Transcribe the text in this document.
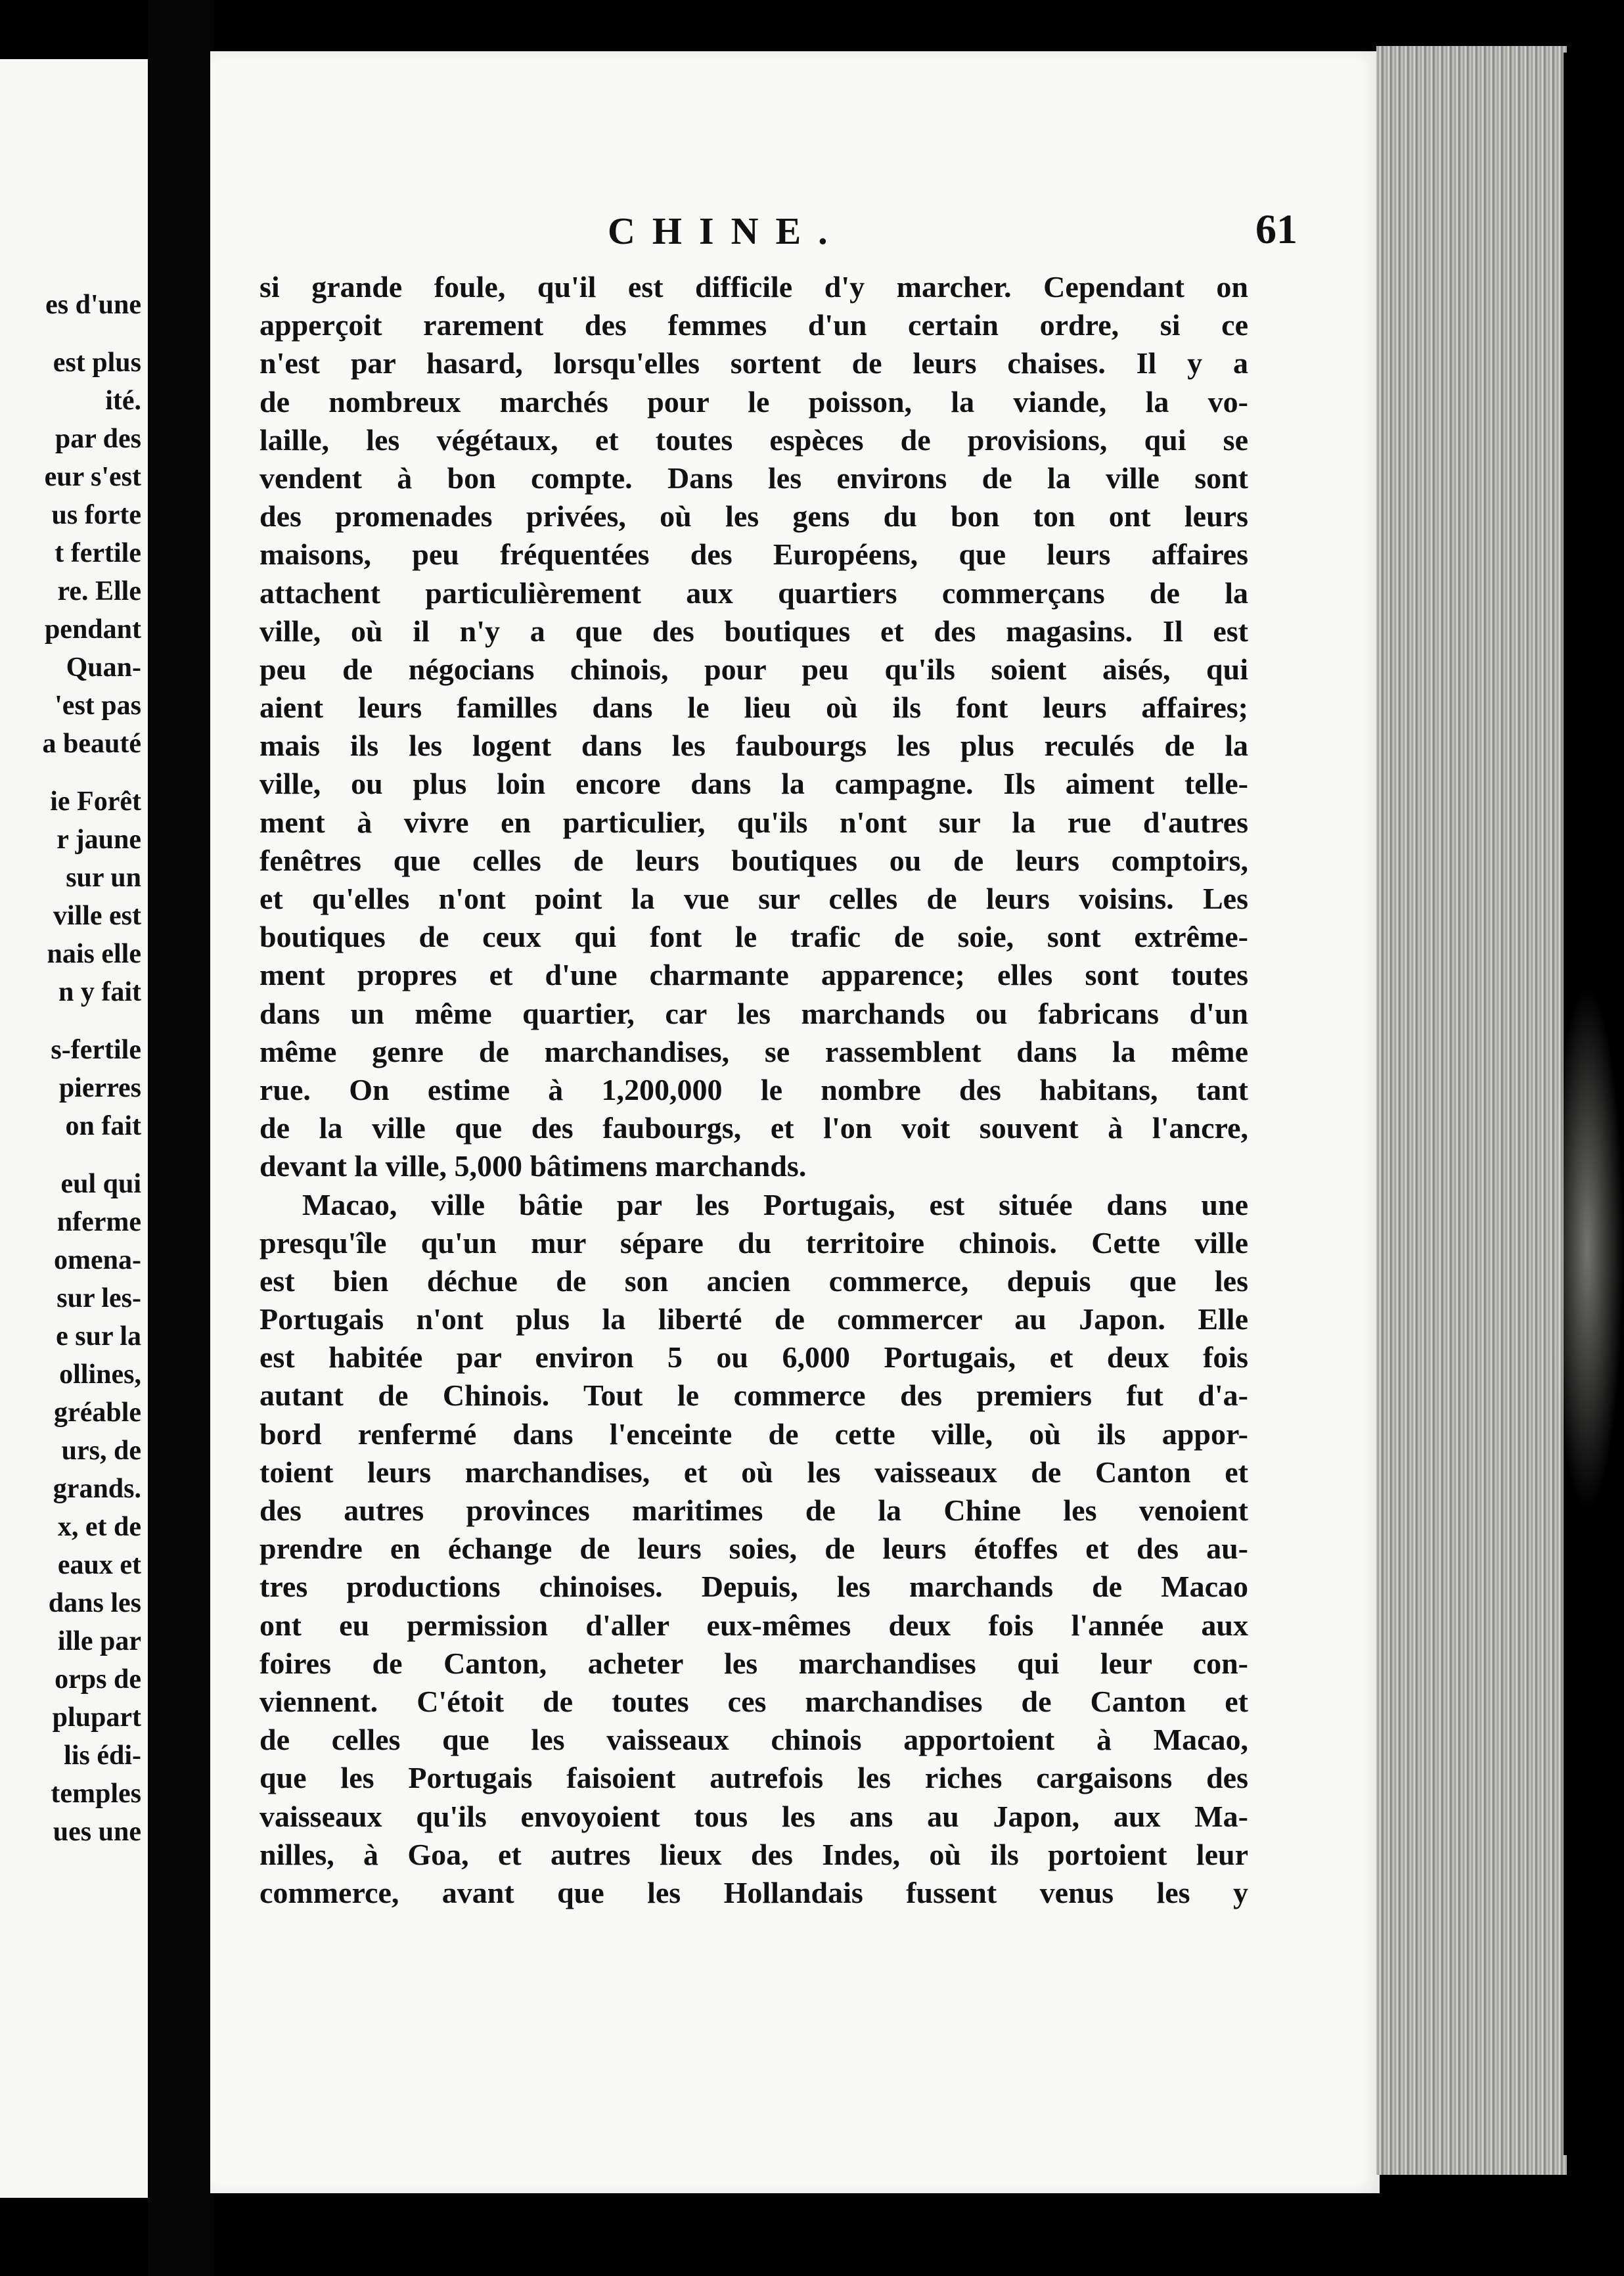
es d'une
est plus
ité.
par des
eur s'est
us forte
t fertile
re. Elle
pendant
Quan-
'est pas
a beauté
ie Forêt
r jaune
sur un
ville est
nais elle
n y fait
s-fertile
pierres
on fait
eul qui
nferme
omena-
sur les-
e sur la
ollines,
gréable
urs, de
grands.
x, et de
eaux et
dans les
ille par
orps de
plupart
lis édi-
temples
ues une
CHINE.	61
si grande foule, qu'il est difficile d'y marcher. Cependant on
apperçoit rarement des femmes d'un certain ordre, si ce
n'est par hasard, lorsqu'elles sortent de leurs chaises. Il y a
de nombreux marchés pour le poisson, la viande, la vo-
laille, les végétaux, et toutes espèces de provisions, qui se
vendent à bon compte. Dans les environs de la ville sont
des promenades privées, où les gens du bon ton ont leurs
maisons, peu fréquentées des Européens, que leurs affaires
attachent particulièrement aux quartiers commerçans de la
ville, où il n'y a que des boutiques et des magasins. Il est
peu de négocians chinois, pour peu qu'ils soient aisés, qui
aient leurs familles dans le lieu où ils font leurs affaires;
mais ils les logent dans les faubourgs les plus reculés de la
ville, ou plus loin encore dans la campagne. Ils aiment telle-
ment à vivre en particulier, qu'ils n'ont sur la rue d'autres
fenêtres que celles de leurs boutiques ou de leurs comptoirs,
et qu'elles n'ont point la vue sur celles de leurs voisins. Les
boutiques de ceux qui font le trafic de soie, sont extrême-
ment propres et d'une charmante apparence; elles sont toutes
dans un même quartier, car les marchands ou fabricans d'un
même genre de marchandises, se rassemblent dans la même
rue. On estime à 1,200,000 le nombre des habitans, tant
de la ville que des faubourgs, et l'on voit souvent à l'ancre,
devant la ville, 5,000 bâtimens marchands.
Macao, ville bâtie par les Portugais, est située dans une
presqu'île qu'un mur sépare du territoire chinois. Cette ville
est bien déchue de son ancien commerce, depuis que les
Portugais n'ont plus la liberté de commercer au Japon. Elle
est habitée par environ 5 ou 6,000 Portugais, et deux fois
autant de Chinois. Tout le commerce des premiers fut d'a-
bord renfermé dans l'enceinte de cette ville, où ils appor-
toient leurs marchandises, et où les vaisseaux de Canton et
des autres provinces maritimes de la Chine les venoient
prendre en échange de leurs soies, de leurs étoffes et des au-
tres productions chinoises. Depuis, les marchands de Macao
ont eu permission d'aller eux-mêmes deux fois l'année aux
foires de Canton, acheter les marchandises qui leur con-
viennent. C'étoit de toutes ces marchandises de Canton et
de celles que les vaisseaux chinois apportoient à Macao,
que les Portugais faisoient autrefois les riches cargaisons des
vaisseaux qu'ils envoyoient tous les ans au Japon, aux Ma-
nilles, à Goa, et autres lieux des Indes, où ils portoient leur
commerce, avant que les Hollandais fussent venus les y
